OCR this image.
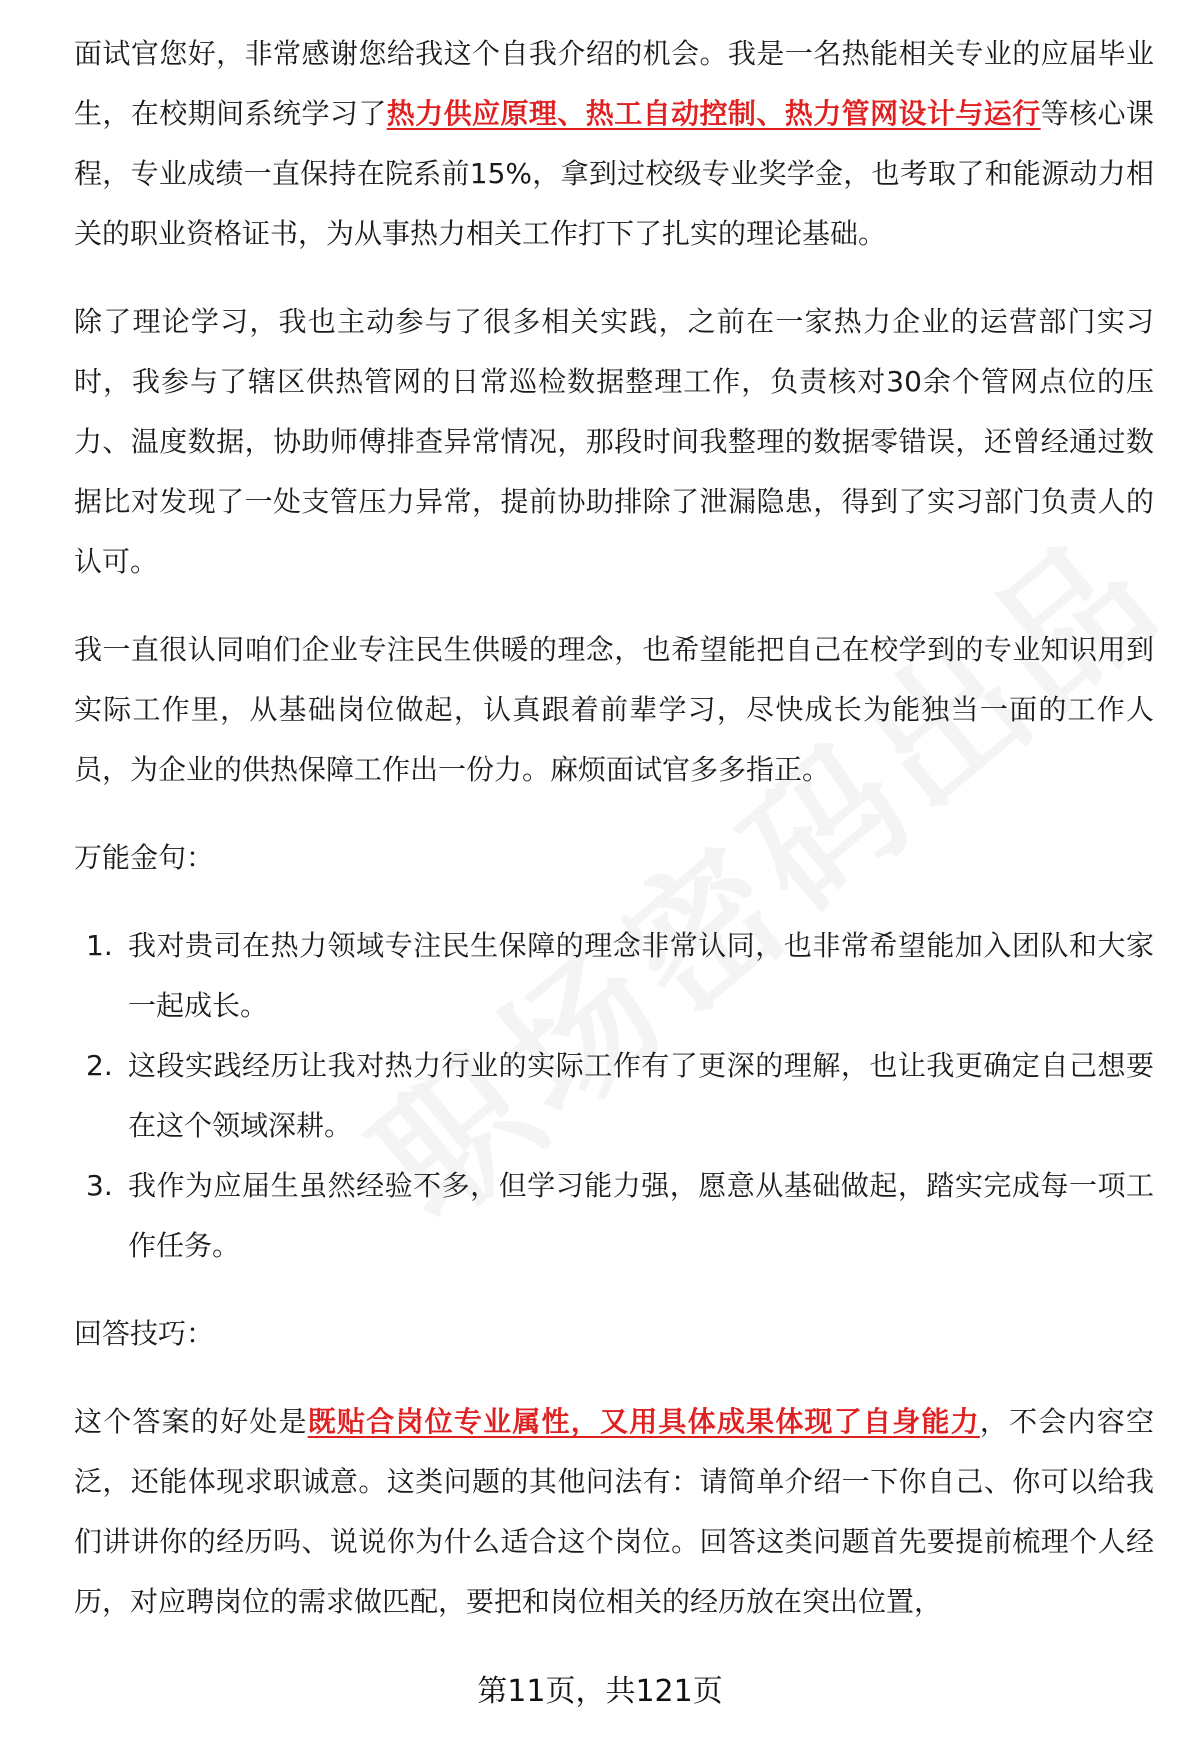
面试官您好，非常感谢您给我这个自我介绍的机会。我是一名热能相关专业的应届毕业生，在校期间系统学习了热力供应原理、热工自动控制、热力管网设计与运行等核心课程，专业成绩一直保持在院系前15%，拿到过校级专业奖学金，也考取了和能源动力相关的职业资格证书，为从事热力相关工作打下了扎实的理论基础。

除了理论学习，我也主动参与了很多相关实践，之前在一家热力企业的运营部门实习时，我参与了辖区供热管网的日常巡检数据整理工作，负责核对30余个管网点位的压力、温度数据，协助师傅排查异常情况，那段时间我整理的数据零错误，还曾经通过数据比对发现了一处支管压力异常，提前协助排除了泄漏隐患，得到了实习部门负责人的认可。

我一直很认同咱们企业专注民生供暖的理念，也希望能把自己在校学到的专业知识用到实际工作里，从基础岗位做起，认真跟着前辈学习，尽快成长为能独当一面的工作人员，为企业的供热保障工作出一份力。麻烦面试官多多指正。

万能金句：

1. 我对贵司在热力领域专注民生保障的理念非常认同，也非常希望能加入团队和大家一起成长。
2. 这段实践经历让我对热力行业的实际工作有了更深的理解，也让我更确定自己想要在这个领域深耕。
3. 我作为应届生虽然经验不多，但学习能力强，愿意从基础做起，踏实完成每一项工作任务。

回答技巧：

这个答案的好处是既贴合岗位专业属性，又用具体成果体现了自身能力，不会内容空泛，还能体现求职诚意。这类问题的其他问法有：请简单介绍一下你自己、你可以给我们讲讲你的经历吗、说说你为什么适合这个岗位。回答这类问题首先要提前梳理个人经历，对应聘岗位的需求做匹配，要把和岗位相关的经历放在突出位置，

第11页，共121页
